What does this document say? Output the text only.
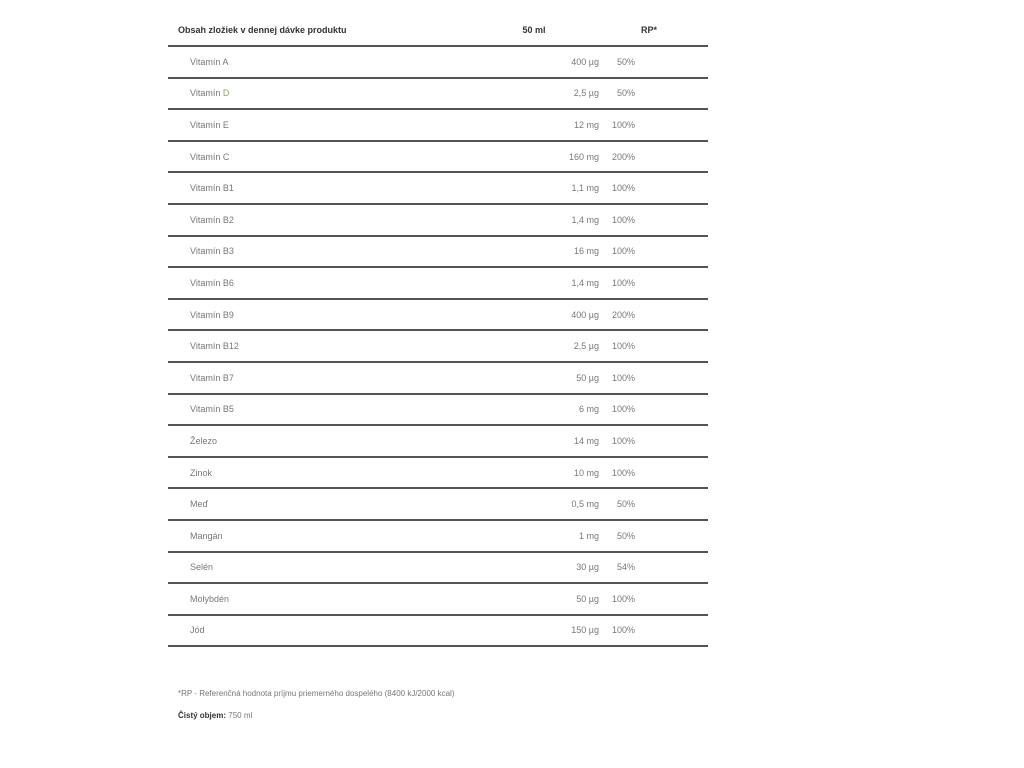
Obsah zložiek v dennej dávke produktu	50 ml	RP*
Vitamín A	400 µg	50%
Vitamín D	2,5 µg	50%
Vitamín E	12 mg	100%
Vitamín C	160 mg	200%
Vitamín B1	1,1 mg	100%
Vitamín B2	1,4 mg	100%
Vitamín B3	16 mg	100%
Vitamín B6	1,4 mg	100%
Vitamín B9	400 µg	200%
Vitamín B12	2,5 µg	100%
Vitamín B7	50 µg	100%
Vitamín B5	6 mg	100%
Železo	14 mg	100%
Zinok	10 mg	100%
Meď	0,5 mg	50%
Mangán	1 mg	50%
Selén	30 µg	54%
Molybdén	50 µg	100%
Jód	150 µg	100%
*RP - Referenčná hodnota príjmu priemerného dospelého (8400 kJ/2000 kcal)
Čistý objem: 750 ml
